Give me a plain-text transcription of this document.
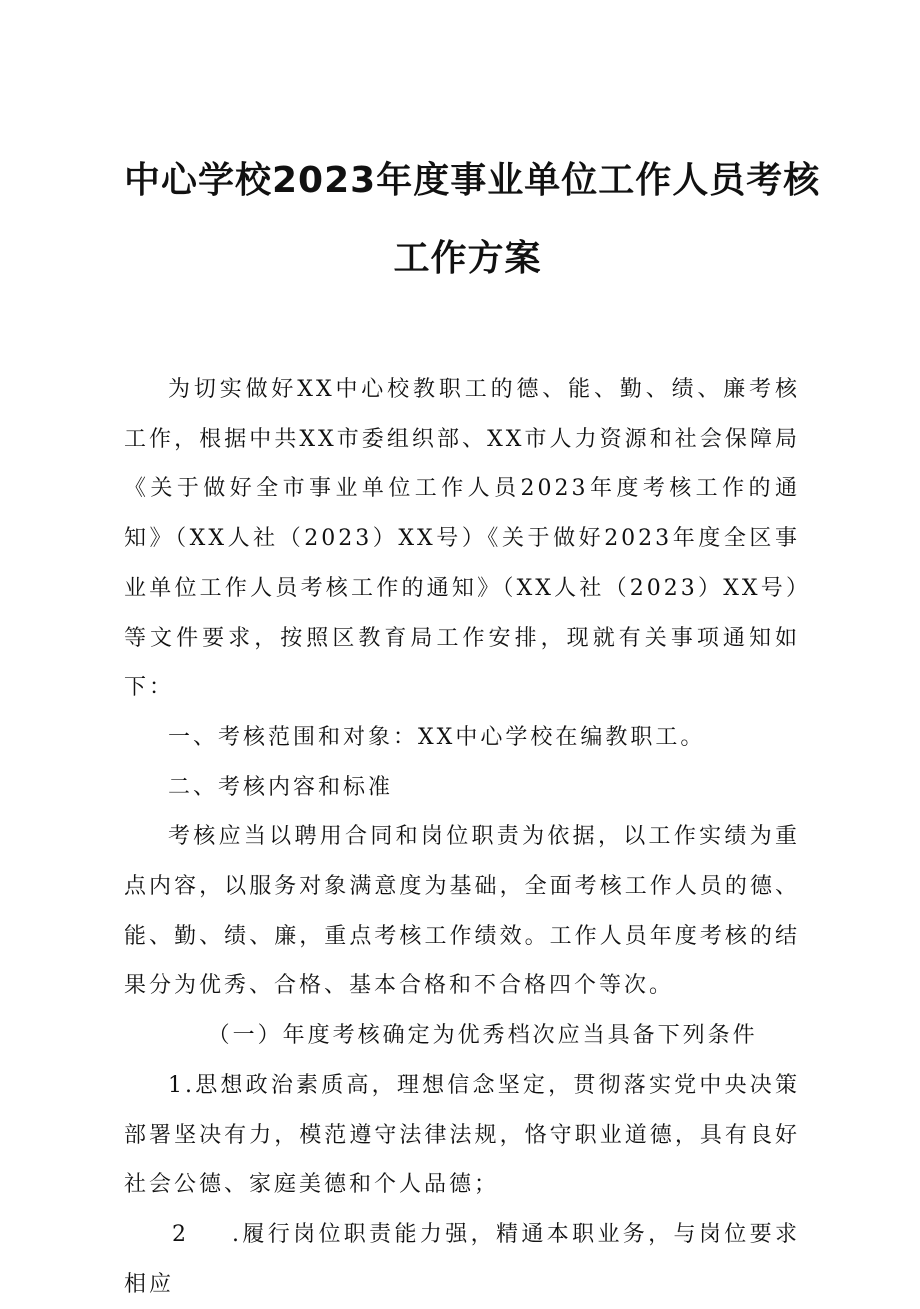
中心学校2023年度事业单位工作人员考核
工作方案

为切实做好XX中心校教职工的德、能、勤、绩、廉考核工作，根据中共XX市委组织部、XX市人力资源和社会保障局《关于做好全市事业单位工作人员2023年度考核工作的通知》（XX人社（2023）XX号）《关于做好2023年度全区事业单位工作人员考核工作的通知》（XX人社（2023）XX号）等文件要求，按照区教育局工作安排，现就有关事项通知如下：

一、考核范围和对象：XX中心学校在编教职工。

二、考核内容和标准

考核应当以聘用合同和岗位职责为依据，以工作实绩为重点内容，以服务对象满意度为基础，全面考核工作人员的德、能、勤、绩、廉，重点考核工作绩效。工作人员年度考核的结果分为优秀、合格、基本合格和不合格四个等次。

（一）年度考核确定为优秀档次应当具备下列条件

1.思想政治素质高，理想信念坚定，贯彻落实党中央决策部署坚决有力，模范遵守法律法规，恪守职业道德，具有良好社会公德、家庭美德和个人品德；

2 .履行岗位职责能力强，精通本职业务，与岗位要求相应
